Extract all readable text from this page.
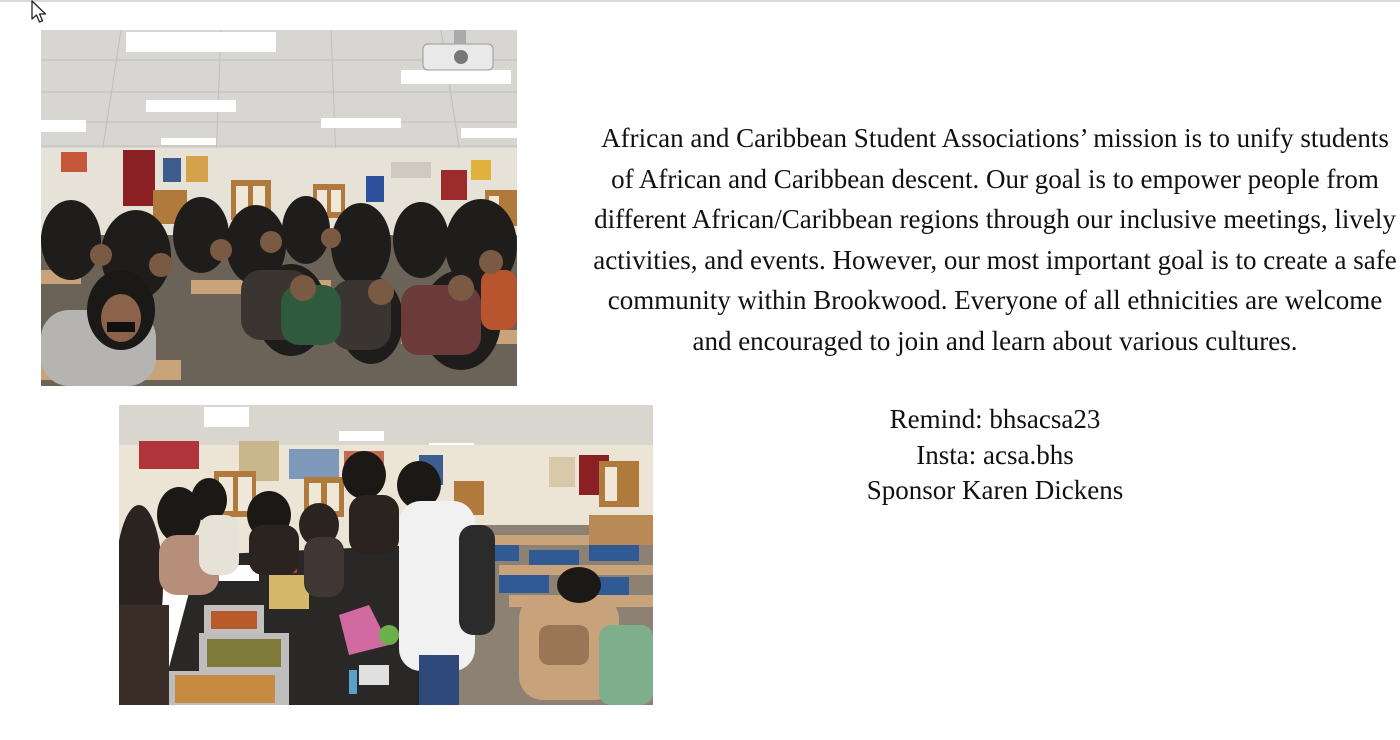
African and Caribbean Student Associations’ mission is to unify students of African and Caribbean descent. Our goal is to empower people from different African/Caribbean regions through our inclusive meetings, lively activities, and events. However, our most important goal is to create a safe community within Brookwood. Everyone of all ethnicities are welcome and encouraged to join and learn about various cultures.
Remind: bhsacsa23
Insta: acsa.bhs
Sponsor Karen Dickens
